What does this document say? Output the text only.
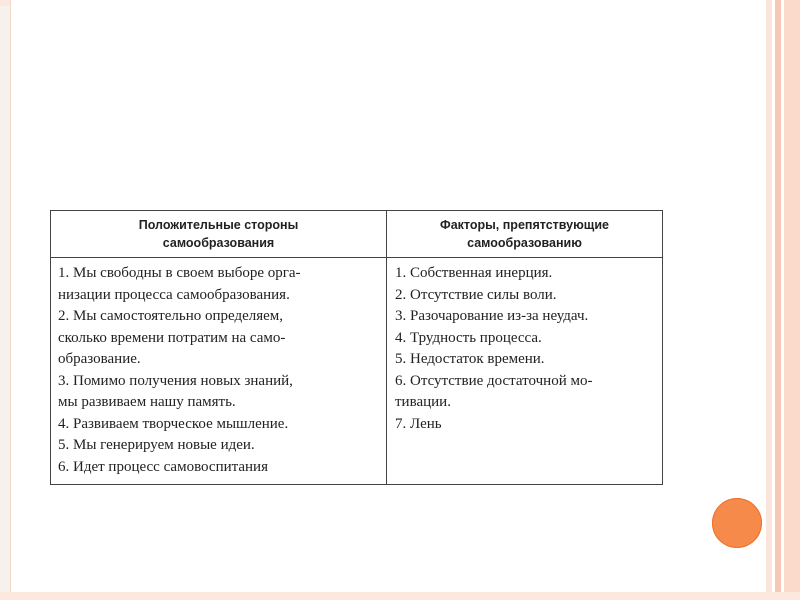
Положительные стороны
самообразования
Факторы, препятствующие
самообразованию
1. Мы свободны в своем выборе орга-
низации процесса самообразования.
2. Мы самостоятельно определяем,
сколько времени потратим на само-
образование.
3. Помимо получения новых знаний,
мы развиваем нашу память.
4. Развиваем творческое мышление.
5. Мы генерируем новые идеи.
6. Идет процесс самовоспитания
1. Собственная инерция.
2. Отсутствие силы воли.
3. Разочарование из-за неудач.
4. Трудность процесса.
5. Недостаток времени.
6. Отсутствие достаточной мо-
тивации.
7. Лень
